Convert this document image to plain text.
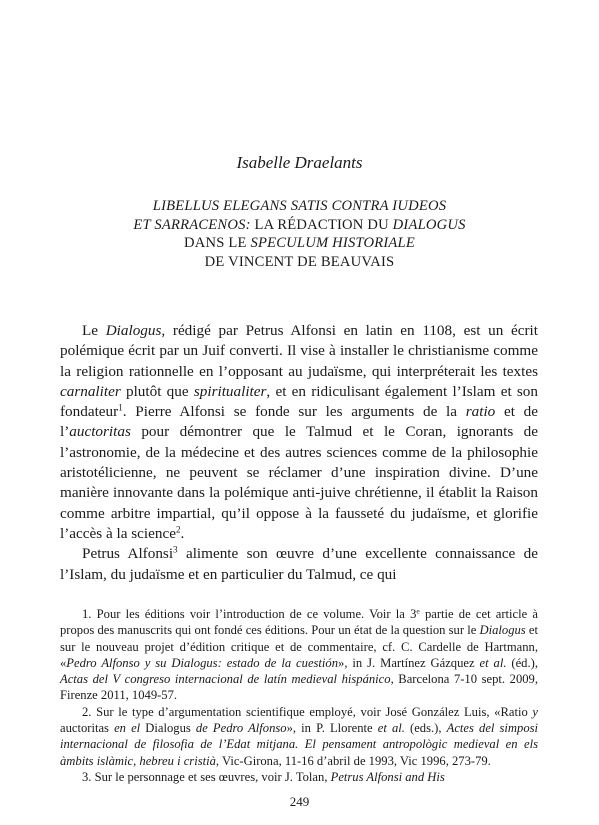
Isabelle Draelants
LIBELLUS ELEGANS SATIS CONTRA IUDEOS
ET SARRACENOS: LA RÉDACTION DU DIALOGUS
DANS LE SPECULUM HISTORIALE
DE VINCENT DE BEAUVAIS

Le Dialogus, rédigé par Petrus Alfonsi en latin en 1108, est un écrit polémique écrit par un Juif converti. Il vise à installer le christianisme comme la religion rationnelle en l’opposant au judaïsme, qui interpréterait les textes carnaliter plutôt que spiritualiter, et en ridiculisant également l’Islam et son fondateur$^1$. Pierre Alfonsi se fonde sur les arguments de la ratio et de l’auctoritas pour démontrer que le Talmud et le Coran, ignorants de l’astronomie, de la médecine et des autres sciences comme de la philosophie aristotélicienne, ne peuvent se réclamer d’une inspiration divine. D’une manière innovante dans la polémique anti-juive chrétienne, il établit la Raison comme arbitre impartial, qu’il oppose à la fausseté du judaïsme, et glorifie l’accès à la science$^2$.

Petrus Alfonsi$^3$ alimente son œuvre d’une excellente connaissance de l’Islam, du judaïsme et en particulier du Talmud, ce qui

1. Pour les éditions voir l’introduction de ce volume. Voir la 3e partie de cet article à propos des manuscrits qui ont fondé ces éditions. Pour un état de la question sur le Dialogus et sur le nouveau projet d’édition critique et de commentaire, cf. C. Cardelle de Hartmann, «Pedro Alfonso y su Dialogus: estado de la cuestión», in J. Martínez Gázquez et al. (éd.), Actas del V congreso internacional de latín medieval hispánico, Barcelona 7-10 sept. 2009, Firenze 2011, 1049-57.

2. Sur le type d’argumentation scientifique employé, voir José González Luis, «Ratio y auctoritas en el Dialogus de Pedro Alfonso», in P. Llorente et al. (eds.), Actes del simposi internacional de filosofia de l’Edat mitjana. El pensament antropològic medieval en els àmbits islàmic, hebreu i cristià, Vic-Girona, 11-16 d’abril de 1993, Vic 1996, 273-79.

3. Sur le personnage et ses œuvres, voir J. Tolan, Petrus Alfonsi and His

249
